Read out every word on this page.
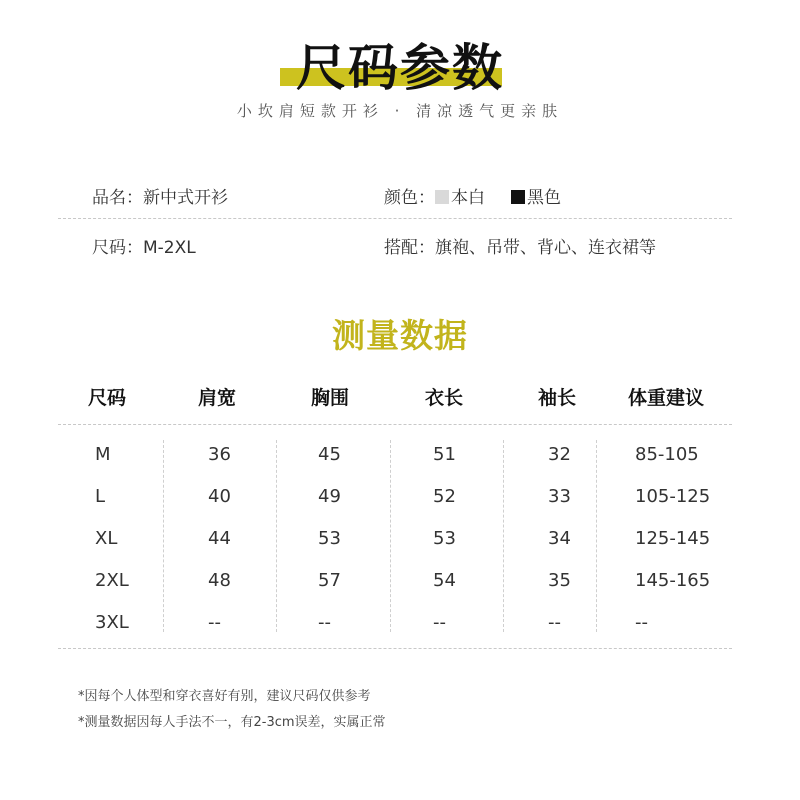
尺码参数
小坎肩短款开衫 · 清凉透气更亲肤
品名：新中式开衫	颜色： 本白 黑色
尺码：M-2XL	搭配：旗袍、吊带、背心、连衣裙等
测量数据
尺码	肩宽	胸围	衣长	袖长	体重建议
M	36	45	51	32	85-105
L	40	49	52	33	105-125
XL	44	53	53	34	125-145
2XL	48	57	54	35	145-165
3XL	--	--	--	--	--
*因每个人体型和穿衣喜好有别，建议尺码仅供参考
*测量数据因每人手法不一，有2-3cm误差，实属正常
